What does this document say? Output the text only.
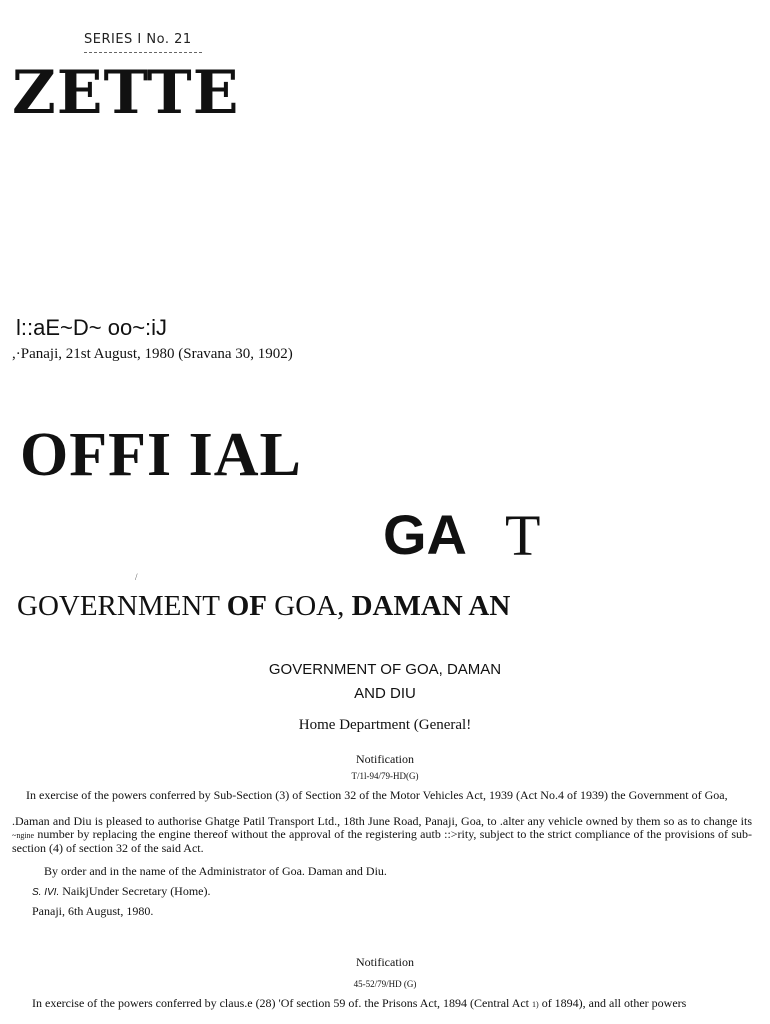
SERIES I No. 21
ZETTE
l::aE~D~ oo~:iJ
,·Panaji, 21st August, 1980 (Sravana 30, 1902)
OFFI IAL
GA T
/
GOVERNMENT OF GOA, DAMAN AN
GOVERNMENT OF GOA, DAMAN
AND DIU
Home Department (General!
Notification
T/1l-94/79-HD(G)
In exercise of the powers conferred by Sub-Section (3) of Section 32 of the Motor Vehicles Act, 1939 (Act No.4 of 1939) the Government of Goa,
.Daman and Diu is pleased to authorise Ghatge Patil Transport Ltd., 18th June Road, Panaji, Goa, to .alter any vehicle owned by them so as to change its ~ngine number by replacing the engine thereof without the approval of the registering autb ::>rity, subject to the strict compliance of the provisions of sub-section (4) of section 32 of the said Act.
By order and in the name of the Administrator of Goa. Daman and Diu.
S. IVI. NaikjUnder Secretary (Home).
Panaji, 6th August, 1980.
Notification
45-52/79/HD (G)
In exercise of the powers conferred by claus.e (28) 'Of section 59 of. the Prisons Act, 1894 (Central Act 1) of 1894), and all other powers
